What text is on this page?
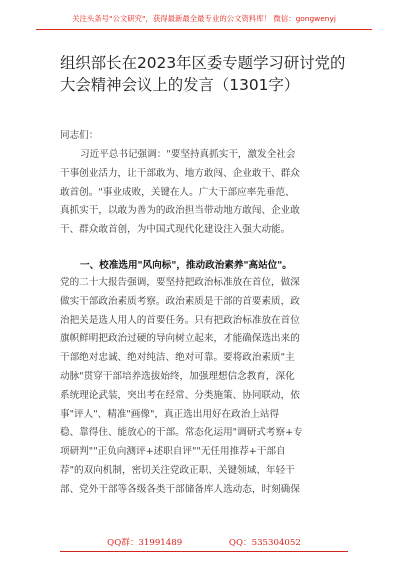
关注头条号"公文研究"，获得最新最全最专业的公文资料库！ 微信：gongwenyj
组织部长在2023年区委专题学习研讨党的
大会精神会议上的发言（1301字）
同志们：
习近平总书记强调："要坚持真抓实干，激发全社会
干事创业活力，让干部敢为、地方敢闯、企业敢干、群众
敢首创。"事业成败，关键在人。广大干部应率先垂范、
真抓实干，以敢为善为的政治担当带动地方敢闯、企业敢
干、群众敢首创，为中国式现代化建设注入强大动能。
一、校准选用"风向标"，推动政治素养"高站位"。
党的二十大报告强调，要坚持把政治标准放在首位，做深
做实干部政治素质考察。政治素质是干部的首要素质，政
治把关是选人用人的首要任务。只有把政治标准放在首位
旗帜鲜明把政治过硬的导向树立起来，才能确保选出来的
干部绝对忠诚、绝对纯洁、绝对可靠。要将政治素质"主
动脉"贯穿干部培养选拔始终，加强理想信念教育，深化
系统理论武装，突出考在经常、分类施策、协同联动，依
事"评人"、精准"画像"，真正选出用好在政治上站得
稳、靠得住、能放心的干部。常态化运用"调研式考察+专
项研判""正负向测评+述职自评""无任用推荐+干部自
荐"的双向机制，密切关注党政正职、关键领域、年轻干
部、党外干部等各级各类干部储备库人选动态，时刻确保
QQ群：31991489	QQ：535304052
